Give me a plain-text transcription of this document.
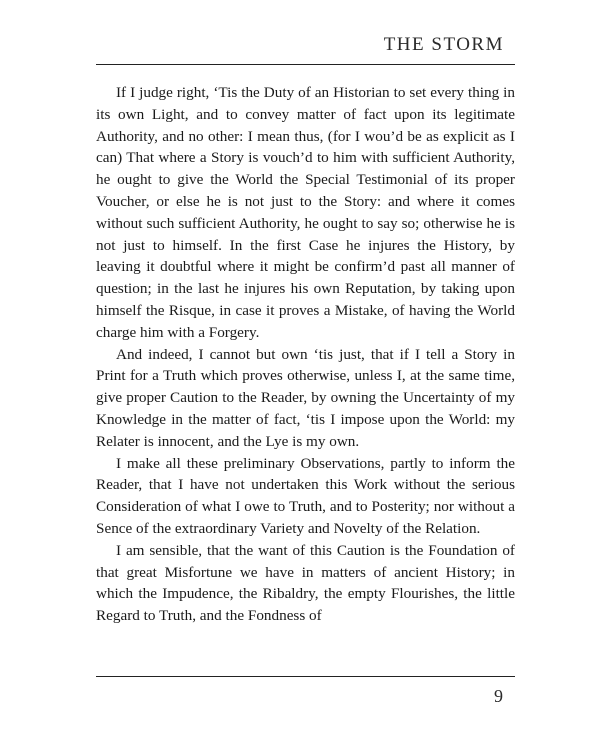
THE STORM

If I judge right, ‘Tis the Duty of an Historian to set every thing in its own Light, and to convey matter of fact upon its legitimate Authority, and no other: I mean thus, (for I wou’d be as explicit as I can) That where a Story is vouch’d to him with sufficient Authority, he ought to give the World the Special Testimonial of its proper Voucher, or else he is not just to the Story: and where it comes without such sufficient Authority, he ought to say so; otherwise he is not just to himself. In the first Case he injures the History, by leaving it doubtful where it might be confirm’d past all manner of question; in the last he injures his own Reputation, by taking upon himself the Risque, in case it proves a Mistake, of having the World charge him with a Forgery.

And indeed, I cannot but own ‘tis just, that if I tell a Story in Print for a Truth which proves otherwise, unless I, at the same time, give proper Caution to the Reader, by owning the Uncertainty of my Knowledge in the matter of fact, ‘tis I impose upon the World: my Relater is innocent, and the Lye is my own.

I make all these preliminary Observations, partly to inform the Reader, that I have not undertaken this Work without the serious Consideration of what I owe to Truth, and to Posterity; nor without a Sence of the extraordinary Variety and Novelty of the Relation.

I am sensible, that the want of this Caution is the Foundation of that great Misfortune we have in matters of ancient History; in which the Impudence, the Ribaldry, the empty Flourishes, the little Regard to Truth, and the Fondness of

9
